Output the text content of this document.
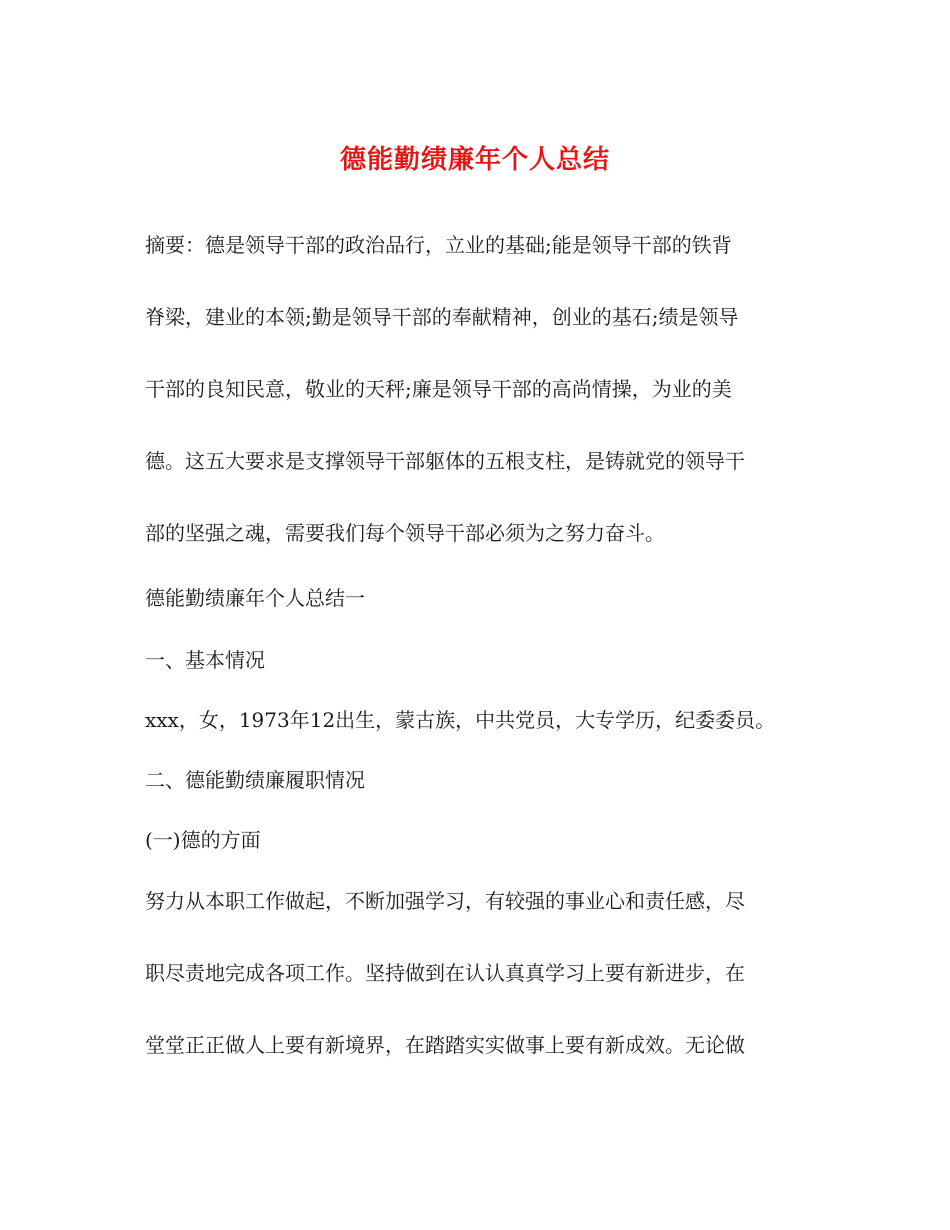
德能勤绩廉年个人总结
摘要：德是领导干部的政治品行，立业的基础;能是领导干部的铁背
脊梁，建业的本领;勤是领导干部的奉献精神，创业的基石;绩是领导
干部的良知民意，敬业的天秤;廉是领导干部的高尚情操，为业的美
德。这五大要求是支撑领导干部躯体的五根支柱，是铸就党的领导干
部的坚强之魂，需要我们每个领导干部必须为之努力奋斗。
德能勤绩廉年个人总结一
一、基本情况
xxx，女，1973年12出生，蒙古族，中共党员，大专学历，纪委委员。
二、德能勤绩廉履职情况
(一)德的方面
努力从本职工作做起，不断加强学习，有较强的事业心和责任感，尽
职尽责地完成各项工作。坚持做到在认认真真学习上要有新进步，在
堂堂正正做人上要有新境界，在踏踏实实做事上要有新成效。无论做
